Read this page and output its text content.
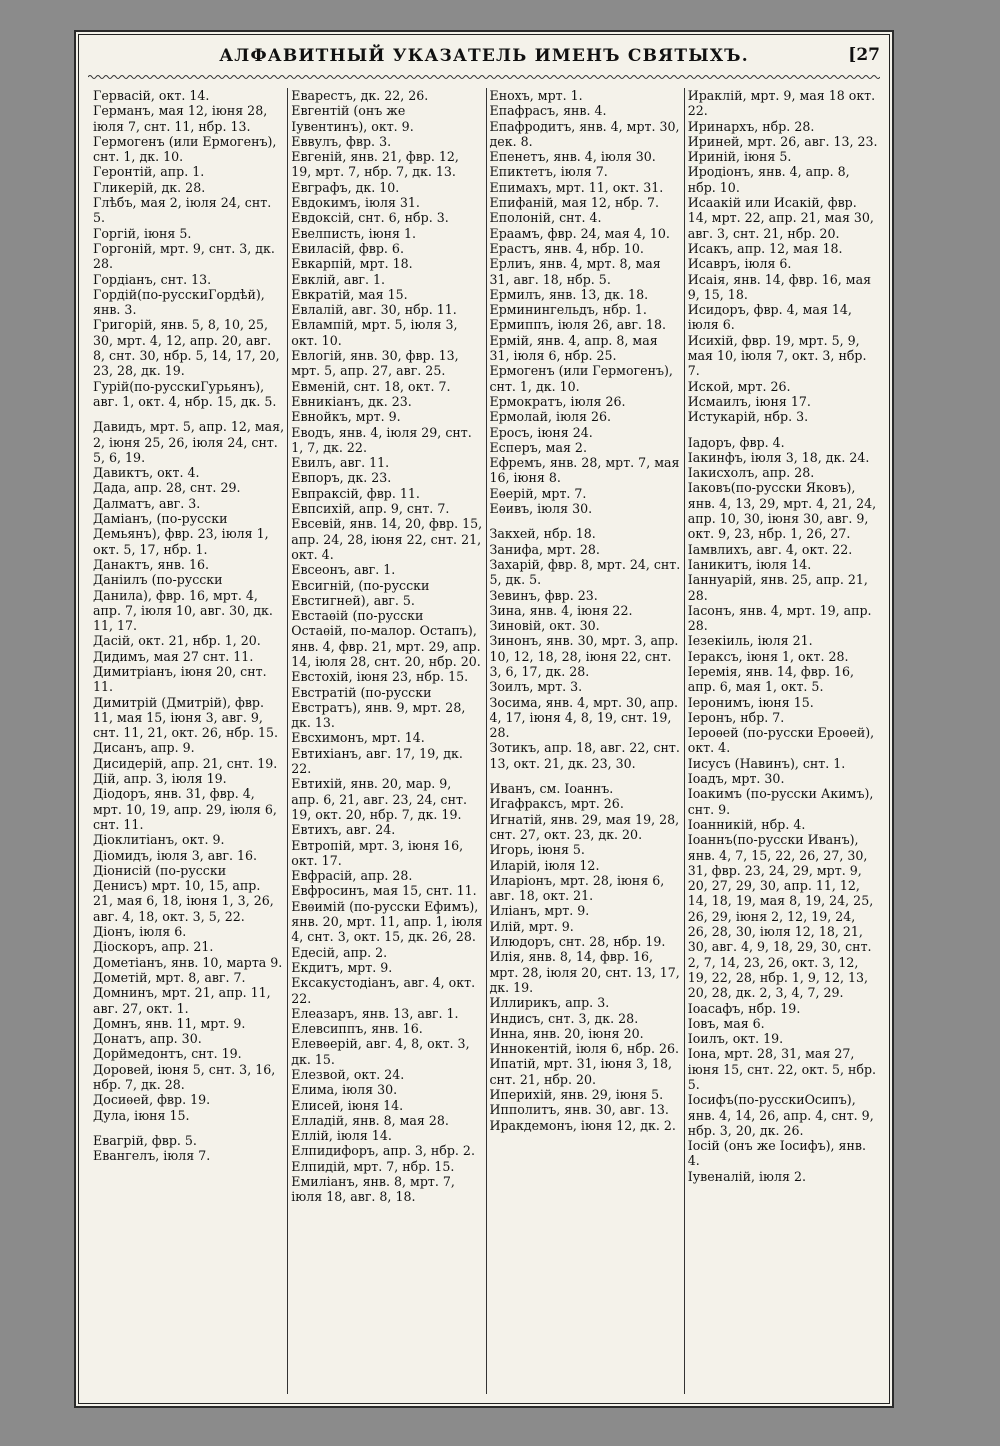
АЛФАВИТНЫЙ УКАЗАТЕЛЬ ИМЕНЪ СВЯТЫХЪ.	[27
Гервасій, окт. 14.
Германъ, мая 12, іюня 28, іюля 7, снт. 11, нбр. 13.
Гермогенъ (или Ермогенъ), снт. 1, дк. 10.
Геронтій, апр. 1.
Гликерій, дк. 28.
Глѣбъ, мая 2, іюля 24, снт. 5.
Горгій, іюня 5.
Горгоній, мрт. 9, снт. 3, дк. 28.
Гордіанъ, снт. 13.
Гордій(по-русскиГордѣй), янв. 3.
Григорій, янв. 5, 8, 10, 25, 30, мрт. 4, 12, апр. 20, авг. 8, снт. 30, нбр. 5, 14, 17, 20, 23, 28, дк. 19.
Гурій(по-русскиГурьянъ), авг. 1, окт. 4, нбр. 15, дк. 5.
Давидъ, мрт. 5, апр. 12, мая, 2, іюня 25, 26, іюля 24, снт. 5, 6, 19.
Давиктъ, окт. 4.
Дада, апр. 28, снт. 29.
Далматъ, авг. 3.
Даміанъ, (по-русски Демьянъ), фвр. 23, іюля 1, окт. 5, 17, нбр. 1.
Данактъ, янв. 16.
Даніилъ (по-русски Данила), фвр. 16, мрт. 4, апр. 7, іюля 10, авг. 30, дк. 11, 17.
Дасій, окт. 21, нбр. 1, 20.
Дидимъ, мая 27 снт. 11.
Димитріанъ, іюня 20, снт. 11.
Димитрій (Дмитрій), фвр. 11, мая 15, іюня 3, авг. 9, снт. 11, 21, окт. 26, нбр. 15.
Дисанъ, апр. 9.
Дисидерій, апр. 21, снт. 19.
Дій, апр. 3, іюля 19.
Діодоръ, янв. 31, фвр. 4, мрт. 10, 19, апр. 29, іюля 6, снт. 11.
Діоклитіанъ, окт. 9.
Діомидъ, іюля 3, авг. 16.
Діонисій (по-русски Денисъ) мрт. 10, 15, апр. 21, мая 6, 18, іюня 1, 3, 26, авг. 4, 18, окт. 3, 5, 22.
Діонъ, іюля 6.
Діоскоръ, апр. 21.
Дометіанъ, янв. 10, марта 9.
Дометій, мрт. 8, авг. 7.
Домнинъ, мрт. 21, апр. 11, авг. 27, окт. 1.
Домнъ, янв. 11, мрт. 9.
Донатъ, апр. 30.
Дорймедонтъ, снт. 19.
Доровей, іюня 5, снт. 3, 16, нбр. 7, дк. 28.
Досиѳей, фвр. 19.
Дула, іюня 15.
Евагрій, фвр. 5.
Евангелъ, іюля 7.
Еварестъ, дк. 22, 26.
Евгентій (онъ же Іувентинъ), окт. 9.
Еввулъ, фвр. 3.
Евгеній, янв. 21, фвр. 12, 19, мрт. 7, нбр. 7, дк. 13.
Евграфъ, дк. 10.
Евдокимъ, іюля 31.
Евдоксій, снт. 6, нбр. 3.
Евелписть, іюня 1.
Евиласій, фвр. 6.
Евкарпій, мрт. 18.
Евклій, авг. 1.
Евкратій, мая 15.
Евлалій, авг. 30, нбр. 11.
Евлампій, мрт. 5, іюля 3, окт. 10.
Евлогій, янв. 30, фвр. 13, мрт. 5, апр. 27, авг. 25.
Евменій, снт. 18, окт. 7.
Евникіанъ, дк. 23.
Евнойкъ, мрт. 9.
Еводъ, янв. 4, іюля 29, снт. 1, 7, дк. 22.
Евилъ, авг. 11.
Евпоръ, дк. 23.
Евпраксій, фвр. 11.
Евпсихій, апр. 9, снт. 7.
Евсевій, янв. 14, 20, фвр. 15, апр. 24, 28, іюня 22, снт. 21, окт. 4.
Евсеонъ, авг. 1.
Евсигній, (по-русски Евстигней), авг. 5.
Евстаѳій (по-русски Остаѳій, по-малор. Остапъ), янв. 4, фвр. 21, мрт. 29, апр. 14, іюля 28, снт. 20, нбр. 20.
Евстохій, іюня 23, нбр. 15.
Евстратій (по-русски Евстратъ), янв. 9, мрт. 28, дк. 13.
Евсхимонъ, мрт. 14.
Евтихіанъ, авг. 17, 19, дк. 22.
Евтихій, янв. 20, мар. 9, апр. 6, 21, авг. 23, 24, снт. 19, окт. 20, нбр. 7, дк. 19.
Евтихъ, авг. 24.
Евтропій, мрт. 3, іюня 16, окт. 17.
Евфрасій, апр. 28.
Евфросинъ, мая 15, снт. 11.
Евѳимій (по-русски Ефимъ), янв. 20, мрт. 11, апр. 1, іюля 4, снт. 3, окт. 15, дк. 26, 28.
Едесій, апр. 2.
Екдитъ, мрт. 9.
Ексакустодіанъ, авг. 4, окт. 22.
Елеазаръ, янв. 13, авг. 1.
Елевсиппъ, янв. 16.
Елевѳерій, авг. 4, 8, окт. 3, дк. 15.
Елезвой, окт. 24.
Елима, іюля 30.
Елисей, іюня 14.
Елладій, янв. 8, мая 28.
Еллій, іюля 14.
Елпидифоръ, апр. 3, нбр. 2.
Елпидій, мрт. 7, нбр. 15.
Емиліанъ, янв. 8, мрт. 7, іюля 18, авг. 8, 18.
Енохъ, мрт. 1.
Епафрасъ, янв. 4.
Епафродитъ, янв. 4, мрт. 30, дек. 8.
Епенетъ, янв. 4, іюля 30.
Епиктетъ, іюля 7.
Епимахъ, мрт. 11, окт. 31.
Епифаній, мая 12, нбр. 7.
Еполоній, снт. 4.
Ераамъ, фвр. 24, мая 4, 10.
Ерастъ, янв. 4, нбр. 10.
Ерлиъ, янв. 4, мрт. 8, мая 31, авг. 18, нбр. 5.
Ермилъ, янв. 13, дк. 18.
Ерминингельдъ, нбр. 1.
Ермиппъ, іюля 26, авг. 18.
Ермій, янв. 4, апр. 8, мая 31, іюля 6, нбр. 25.
Ермогенъ (или Гермогенъ), снт. 1, дк. 10.
Ермократъ, іюля 26.
Ермолай, іюля 26.
Еросъ, іюня 24.
Есперъ, мая 2.
Ефремъ, янв. 28, мрт. 7, мая 16, іюня 8.
Еѳерій, мрт. 7.
Еѳивъ, іюля 30.
Закхей, нбр. 18.
Занифа, мрт. 28.
Захарій, фвр. 8, мрт. 24, снт. 5, дк. 5.
Зевинъ, фвр. 23.
Зина, янв. 4, іюня 22.
Зиновій, окт. 30.
Зинонъ, янв. 30, мрт. 3, апр. 10, 12, 18, 28, іюня 22, снт. 3, 6, 17, дк. 28.
Зоилъ, мрт. 3.
Зосима, янв. 4, мрт. 30, апр. 4, 17, іюня 4, 8, 19, снт. 19, 28.
Зотикъ, апр. 18, авг. 22, снт. 13, окт. 21, дк. 23, 30.
Иванъ, см. Іоаннъ.
Игафраксъ, мрт. 26.
Игнатій, янв. 29, мая 19, 28, снт. 27, окт. 23, дк. 20.
Игорь, іюня 5.
Иларій, іюля 12.
Иларіонъ, мрт. 28, іюня 6, авг. 18, окт. 21.
Иліанъ, мрт. 9.
Илій, мрт. 9.
Илюдоръ, снт. 28, нбр. 19.
Илія, янв. 8, 14, фвр. 16, мрт. 28, іюля 20, снт. 13, 17, дк. 19.
Иллирикъ, апр. 3.
Индисъ, снт. 3, дк. 28.
Инна, янв. 20, іюня 20.
Иннокентій, іюля 6, нбр. 26.
Ипатій, мрт. 31, іюня 3, 18, снт. 21, нбр. 20.
Иперихій, янв. 29, іюня 5.
Ипполитъ, янв. 30, авг. 13.
Иракдемонъ, іюня 12, дк. 2.
Ираклій, мрт. 9, мая 18 окт. 22.
Иринархъ, нбр. 28.
Ириней, мрт. 26, авг. 13, 23.
Ириній, іюня 5.
Иродіонъ, янв. 4, апр. 8, нбр. 10.
Исаакій или Исакій, фвр. 14, мрт. 22, апр. 21, мая 30, авг. 3, снт. 21, нбр. 20.
Исакъ, апр. 12, мая 18.
Исавръ, іюля 6.
Исаія, янв. 14, фвр. 16, мая 9, 15, 18.
Исидоръ, фвр. 4, мая 14, іюля 6.
Исихій, фвр. 19, мрт. 5, 9, мая 10, іюля 7, окт. 3, нбр. 7.
Иской, мрт. 26.
Исмаилъ, іюня 17.
Истукарій, нбр. 3.
Іадоръ, фвр. 4.
Іакинфъ, іюля 3, 18, дк. 24.
Іакисхолъ, апр. 28.
Іаковъ(по-русски Яковъ), янв. 4, 13, 29, мрт. 4, 21, 24, апр. 10, 30, іюня 30, авг. 9, окт. 9, 23, нбр. 1, 26, 27.
Іамвлихъ, авг. 4, окт. 22.
Іаникитъ, іюля 14.
Іаннуарій, янв. 25, апр. 21, 28.
Іасонъ, янв. 4, мрт. 19, апр. 28.
Іезекіиль, іюля 21.
Іераксъ, іюня 1, окт. 28.
Іеремія, янв. 14, фвр. 16, апр. 6, мая 1, окт. 5.
Іеронимъ, іюня 15.
Іеронъ, нбр. 7.
Іероѳей (по-русски Ероѳей), окт. 4.
Іисусъ (Навинъ), снт. 1.
Іоадъ, мрт. 30.
Іоакимъ (по-русски Акимъ), снт. 9.
Іоанникій, нбр. 4.
Іоаннъ(по-русски Иванъ), янв. 4, 7, 15, 22, 26, 27, 30, 31, фвр. 23, 24, 29, мрт. 9, 20, 27, 29, 30, апр. 11, 12, 14, 18, 19, мая 8, 19, 24, 25, 26, 29, іюня 2, 12, 19, 24, 26, 28, 30, іюля 12, 18, 21, 30, авг. 4, 9, 18, 29, 30, снт. 2, 7, 14, 23, 26, окт. 3, 12, 19, 22, 28, нбр. 1, 9, 12, 13, 20, 28, дк. 2, 3, 4, 7, 29.
Іоасафъ, нбр. 19.
Іовъ, мая 6.
Іоилъ, окт. 19.
Іона, мрт. 28, 31, мая 27, іюня 15, снт. 22, окт. 5, нбр. 5.
Іосифъ(по-русскиОсипъ), янв. 4, 14, 26, апр. 4, снт. 9, нбр. 3, 20, дк. 26.
Іосій (онъ же Іосифъ), янв. 4.
Іувеналій, іюля 2.
